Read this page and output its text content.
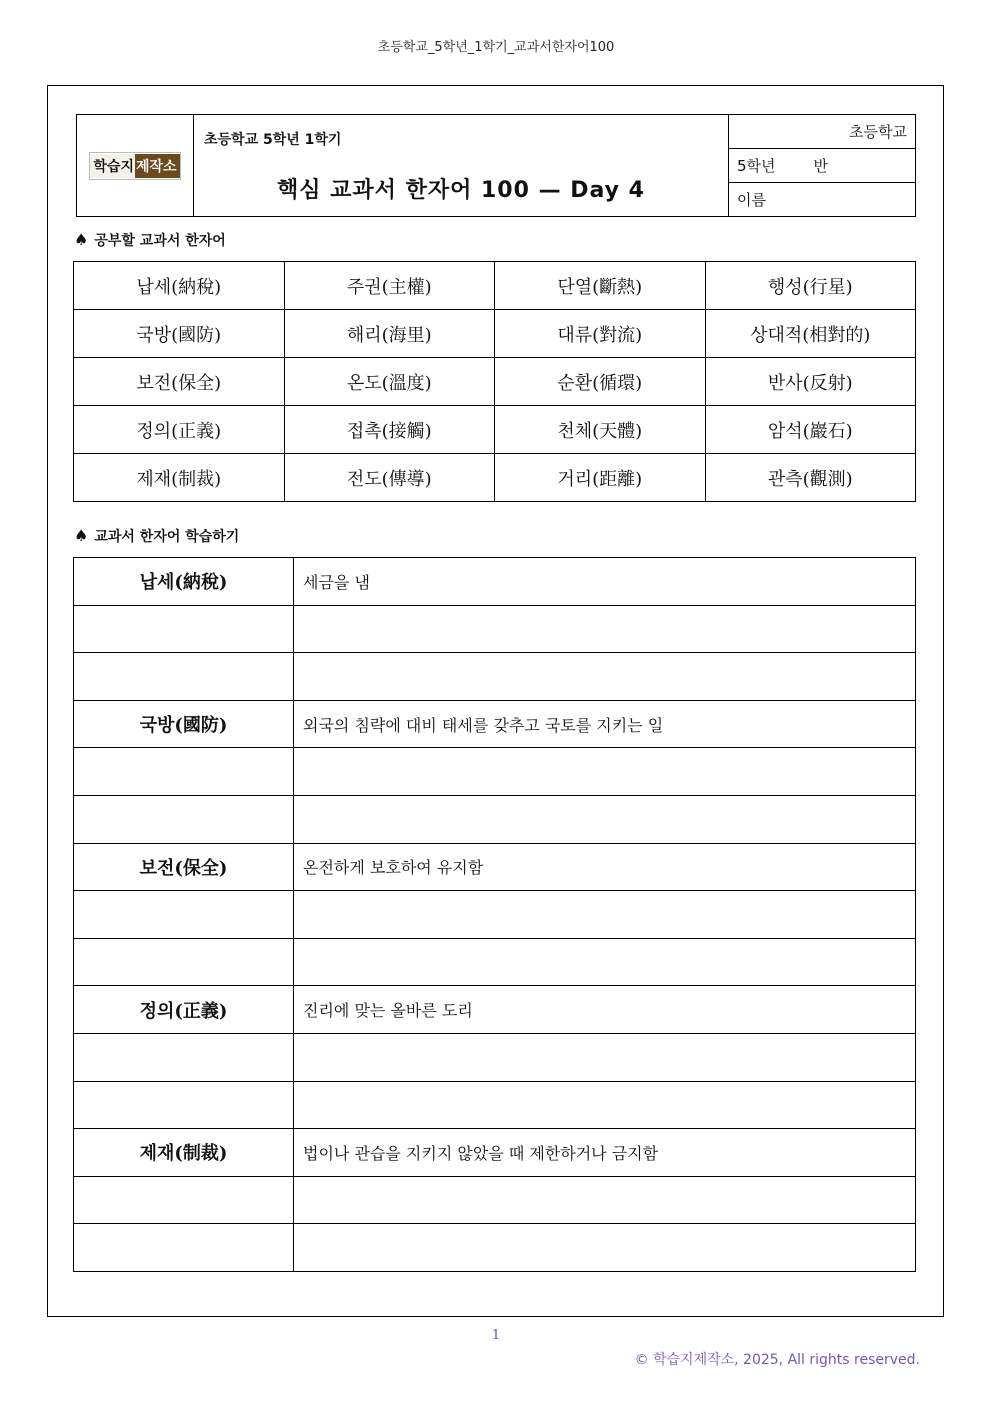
초등학교_5학년_1학기_교과서한자어100
학습지 제작소
초등학교 5학년 1학기
핵심 교과서 한자어 100 — Day 4
초등학교
5학년	반
이름
♠ 공부할 교과서 한자어
납세(納稅)	주권(主權)	단열(斷熱)	행성(行星)
국방(國防)	해리(海里)	대류(對流)	상대적(相對的)
보전(保全)	온도(溫度)	순환(循環)	반사(反射)
정의(正義)	접촉(接觸)	천체(天體)	암석(巖石)
제재(制裁)	전도(傳導)	거리(距離)	관측(觀測)
♠ 교과서 한자어 학습하기
납세(納稅)	세금을 냄

국방(國防)	외국의 침략에 대비 태세를 갖추고 국토를 지키는 일

보전(保全)	온전하게 보호하여 유지함

정의(正義)	진리에 맞는 올바른 도리

제재(制裁)	법이나 관습을 지키지 않았을 때 제한하거나 금지함

1
© 학습지제작소, 2025, All rights reserved.
